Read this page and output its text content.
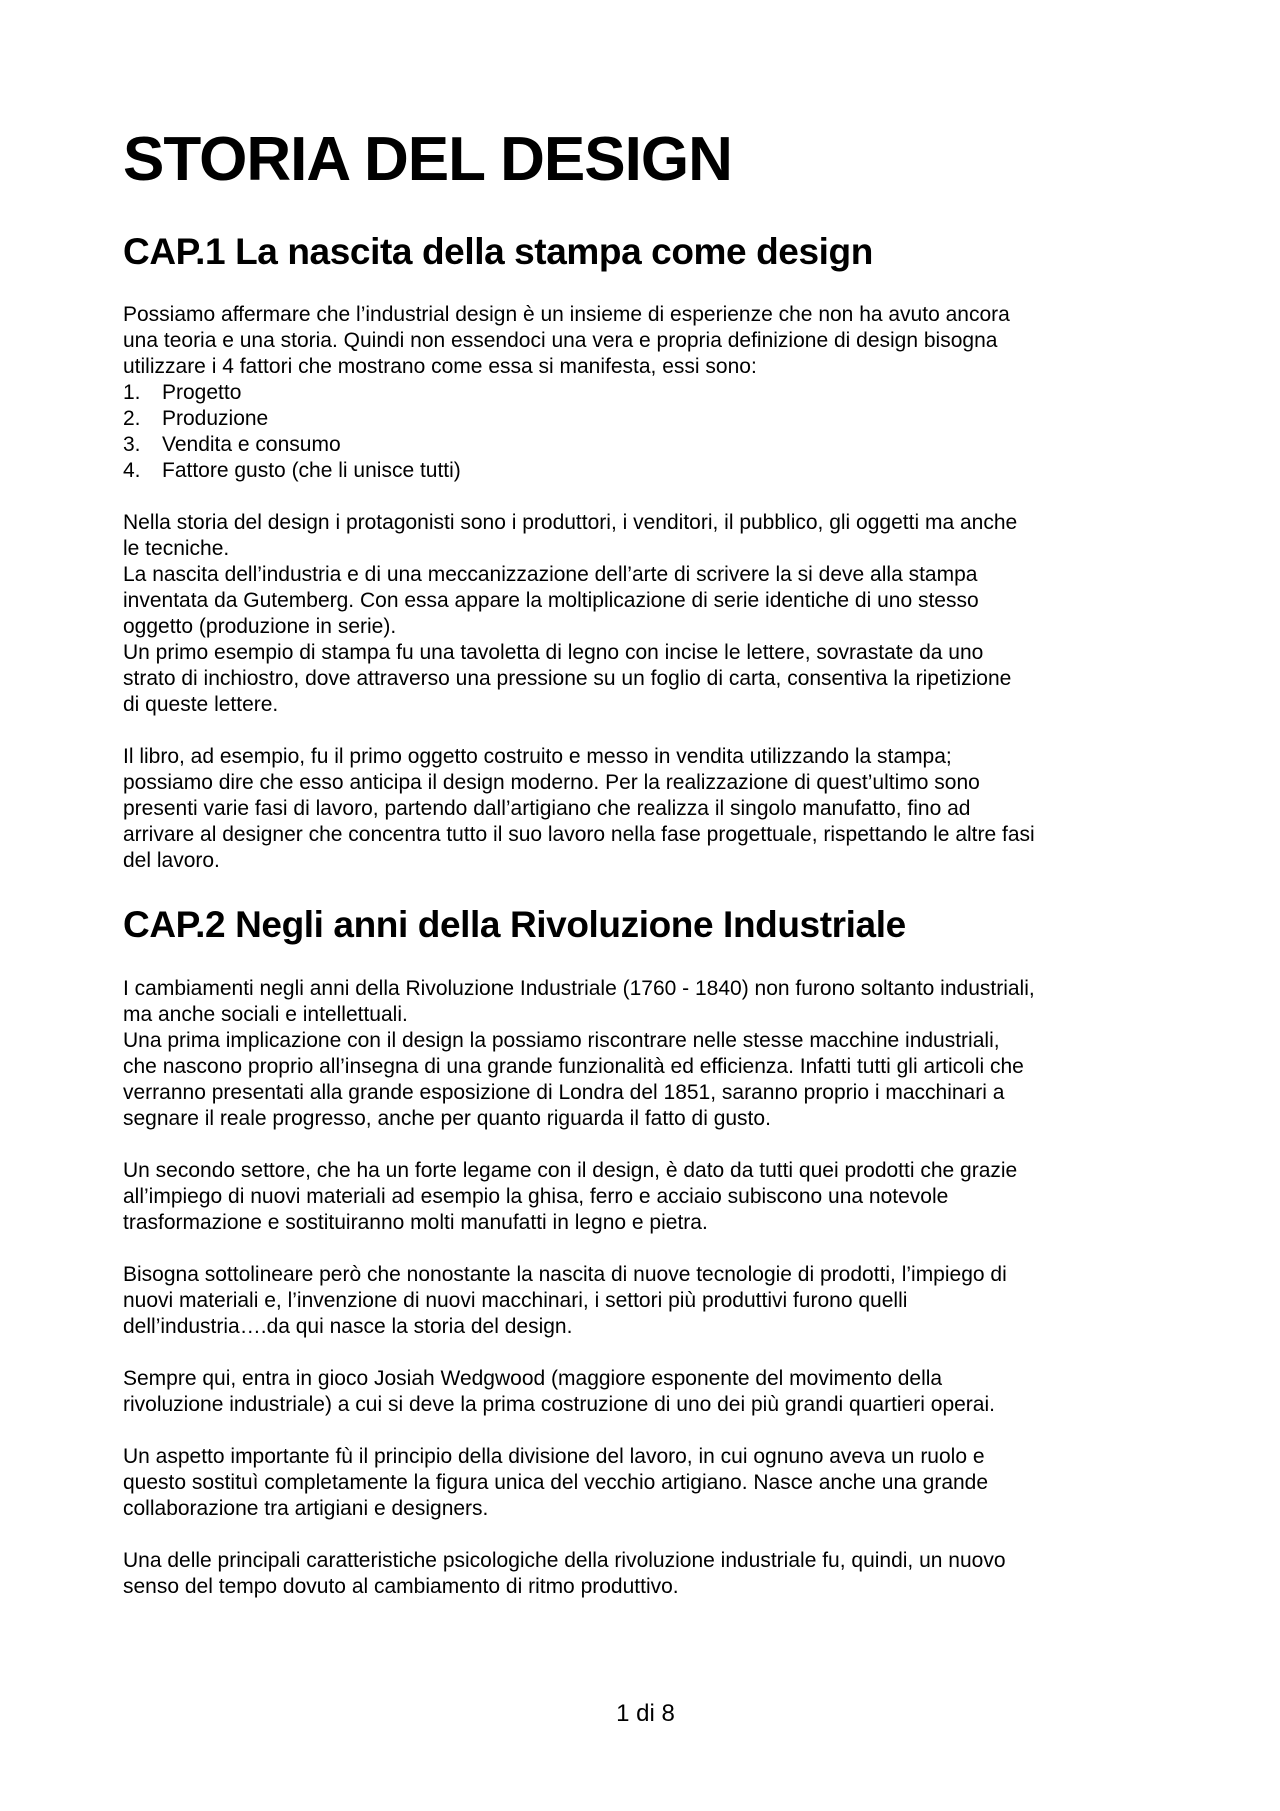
STORIA DEL DESIGN
CAP.1 La nascita della stampa come design
Possiamo affermare che l’industrial design è un insieme di esperienze che non ha avuto ancora
una teoria e una storia. Quindi non essendoci una vera e propria definizione di design bisogna
utilizzare i 4 fattori che mostrano come essa si manifesta, essi sono:
1. Progetto
2. Produzione
3. Vendita e consumo
4. Fattore gusto (che li unisce tutti)
Nella storia del design i protagonisti sono i produttori, i venditori, il pubblico, gli oggetti ma anche
le tecniche.
La nascita dell’industria e di una meccanizzazione dell’arte di scrivere la si deve alla stampa
inventata da Gutemberg. Con essa appare la moltiplicazione di serie identiche di uno stesso
oggetto (produzione in serie).
Un primo esempio di stampa fu una tavoletta di legno con incise le lettere, sovrastate da uno
strato di inchiostro, dove attraverso una pressione su un foglio di carta, consentiva la ripetizione
di queste lettere.
Il libro, ad esempio, fu il primo oggetto costruito e messo in vendita utilizzando la stampa;
possiamo dire che esso anticipa il design moderno. Per la realizzazione di quest’ultimo sono
presenti varie fasi di lavoro, partendo dall’artigiano che realizza il singolo manufatto, fino ad
arrivare al designer che concentra tutto il suo lavoro nella fase progettuale, rispettando le altre fasi
del lavoro.
CAP.2 Negli anni della Rivoluzione Industriale
I cambiamenti negli anni della Rivoluzione Industriale (1760 - 1840) non furono soltanto industriali,
ma anche sociali e intellettuali.
Una prima implicazione con il design la possiamo riscontrare nelle stesse macchine industriali,
che nascono proprio all’insegna di una grande funzionalità ed efficienza. Infatti tutti gli articoli che
verranno presentati alla grande esposizione di Londra del 1851, saranno proprio i macchinari a
segnare il reale progresso, anche per quanto riguarda il fatto di gusto.
Un secondo settore, che ha un forte legame con il design, è dato da tutti quei prodotti che grazie
all’impiego di nuovi materiali ad esempio la ghisa, ferro e acciaio subiscono una notevole
trasformazione e sostituiranno molti manufatti in legno e pietra.
Bisogna sottolineare però che nonostante la nascita di nuove tecnologie di prodotti, l’impiego di
nuovi materiali e, l’invenzione di nuovi macchinari, i settori più produttivi furono quelli
dell’industria….da qui nasce la storia del design.
Sempre qui, entra in gioco Josiah Wedgwood (maggiore esponente del movimento della
rivoluzione industriale) a cui si deve la prima costruzione di uno dei più grandi quartieri operai.
Un aspetto importante fù il principio della divisione del lavoro, in cui ognuno aveva un ruolo e
questo sostituì completamente la figura unica del vecchio artigiano. Nasce anche una grande
collaborazione tra artigiani e designers.
Una delle principali caratteristiche psicologiche della rivoluzione industriale fu, quindi, un nuovo
senso del tempo dovuto al cambiamento di ritmo produttivo.

1 di 8
